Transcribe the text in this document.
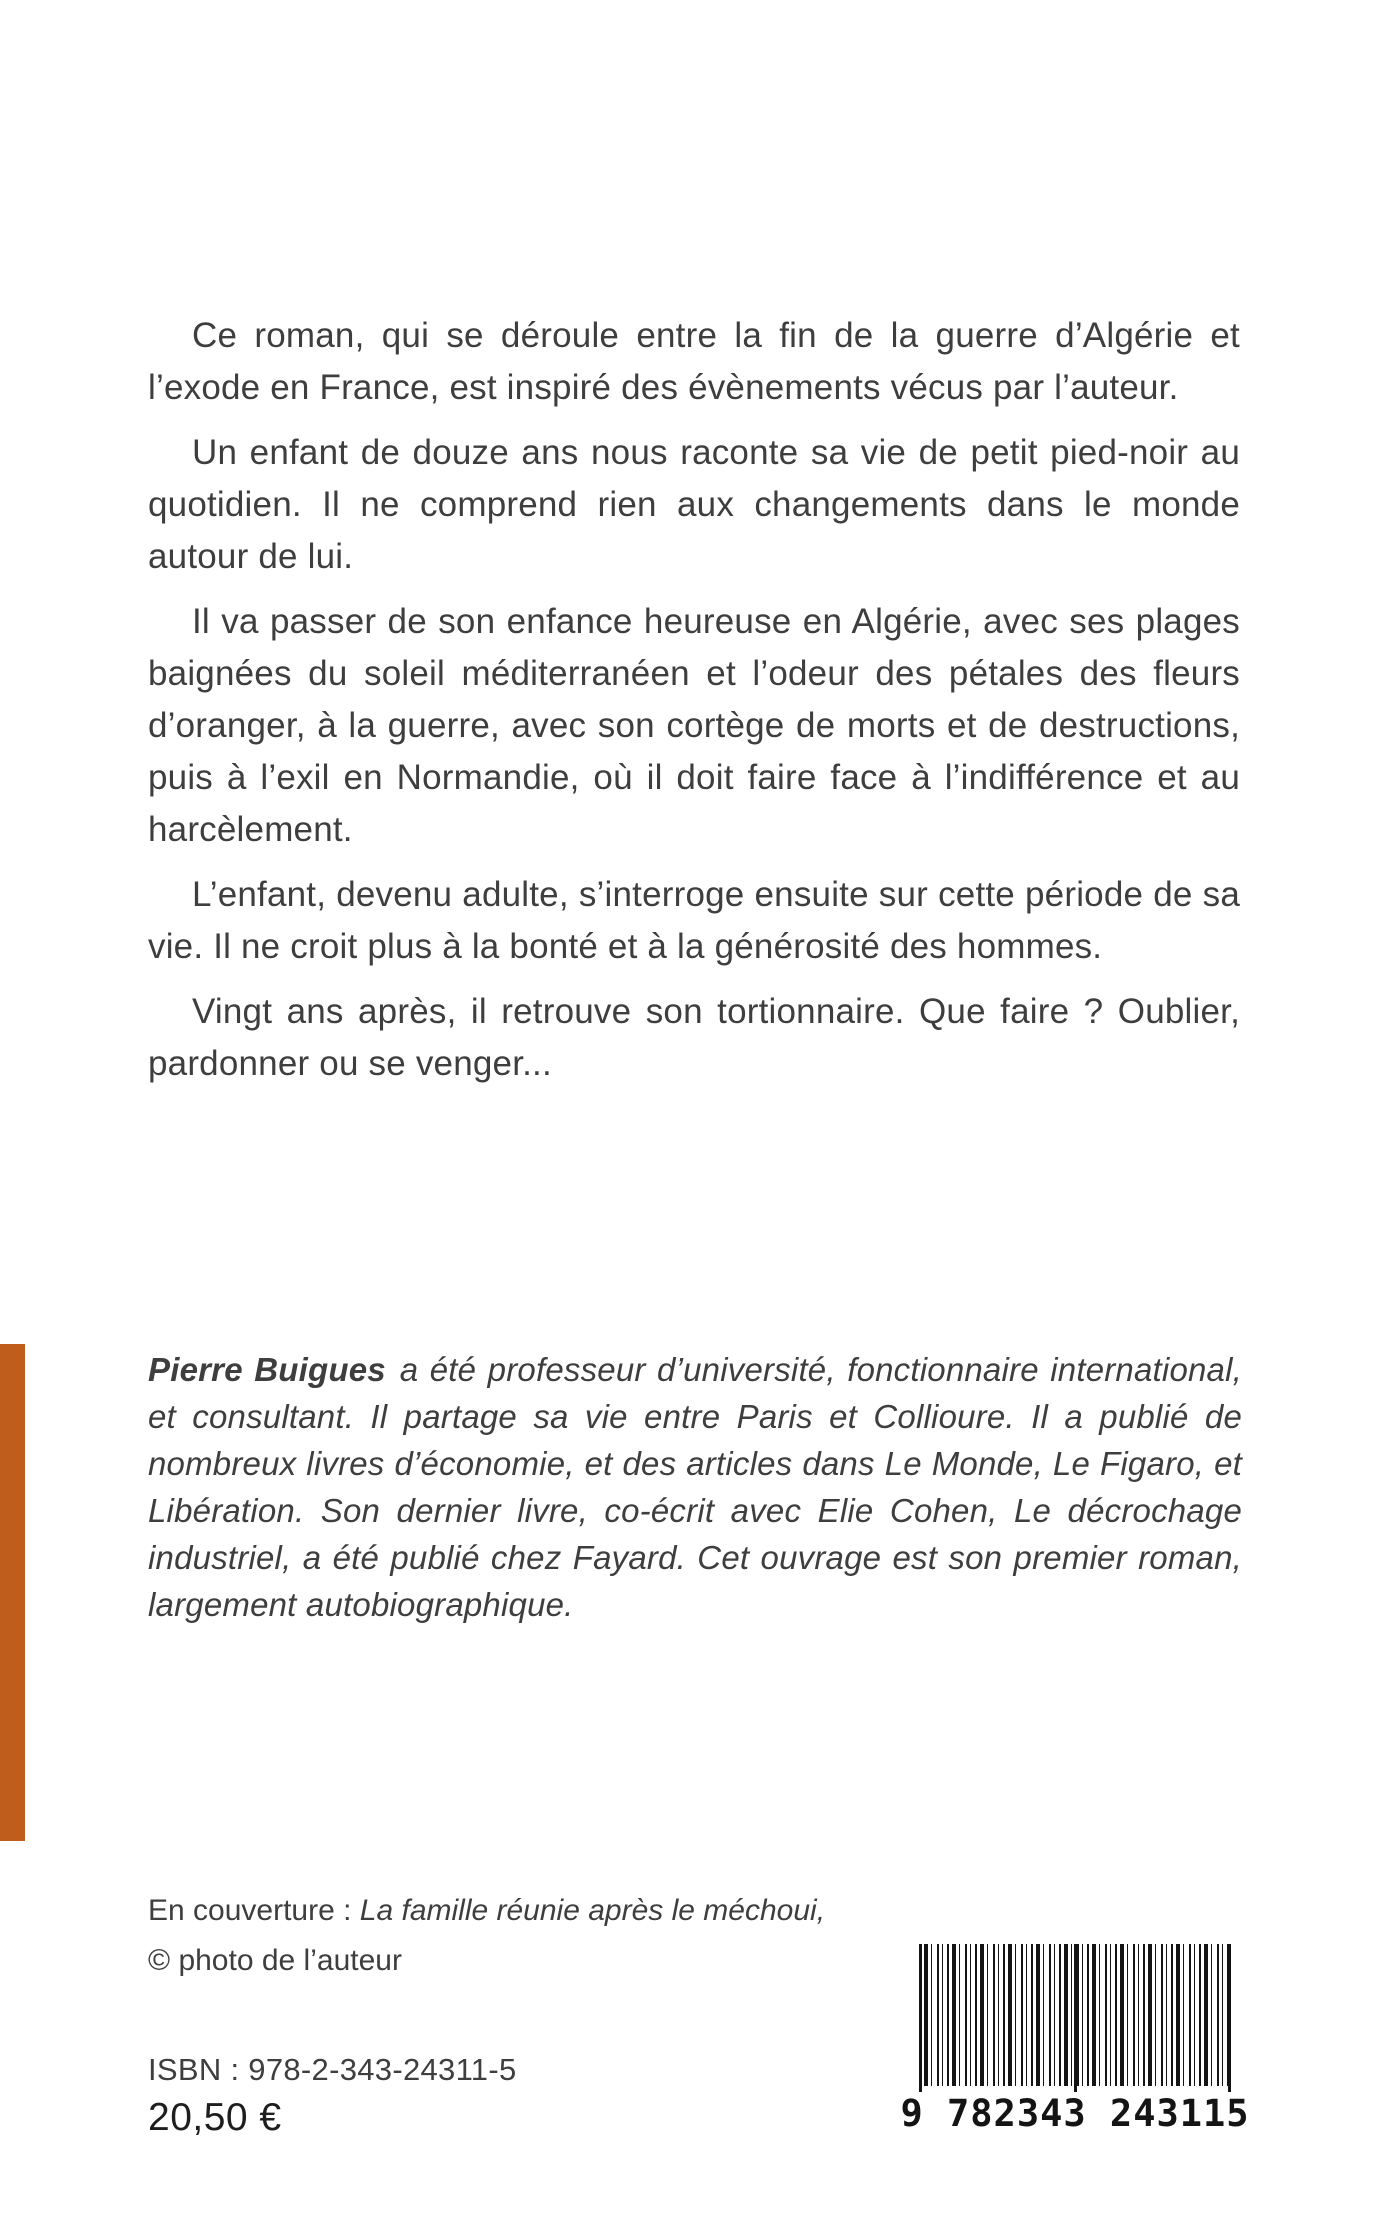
Ce roman, qui se déroule entre la fin de la guerre d’Algérie et l’exode en France, est inspiré des évènements vécus par l’auteur.

Un enfant de douze ans nous raconte sa vie de petit pied-noir au quotidien. Il ne comprend rien aux changements dans le monde autour de lui.

Il va passer de son enfance heureuse en Algérie, avec ses plages baignées du soleil méditerranéen et l’odeur des pétales des fleurs d’oranger, à la guerre, avec son cortège de morts et de destructions, puis à l’exil en Normandie, où il doit faire face à l’indifférence et au harcèlement.

L’enfant, devenu adulte, s’interroge ensuite sur cette période de sa vie. Il ne croit plus à la bonté et à la générosité des hommes.

Vingt ans après, il retrouve son tortionnaire. Que faire ? Oublier, pardonner ou se venger...

Pierre Buigues a été professeur d’université, fonctionnaire international, et consultant. Il partage sa vie entre Paris et Collioure. Il a publié de nombreux livres d’économie, et des articles dans Le Monde, Le Figaro, et Libération. Son dernier livre, co-écrit avec Elie Cohen, Le décrochage industriel, a été publié chez Fayard. Cet ouvrage est son premier roman, largement autobiographique.
En couverture : La famille réunie après le méchoui,
© photo de l’auteur
ISBN : 978-2-343-24311-5
20,50 €	9 782343 243115
